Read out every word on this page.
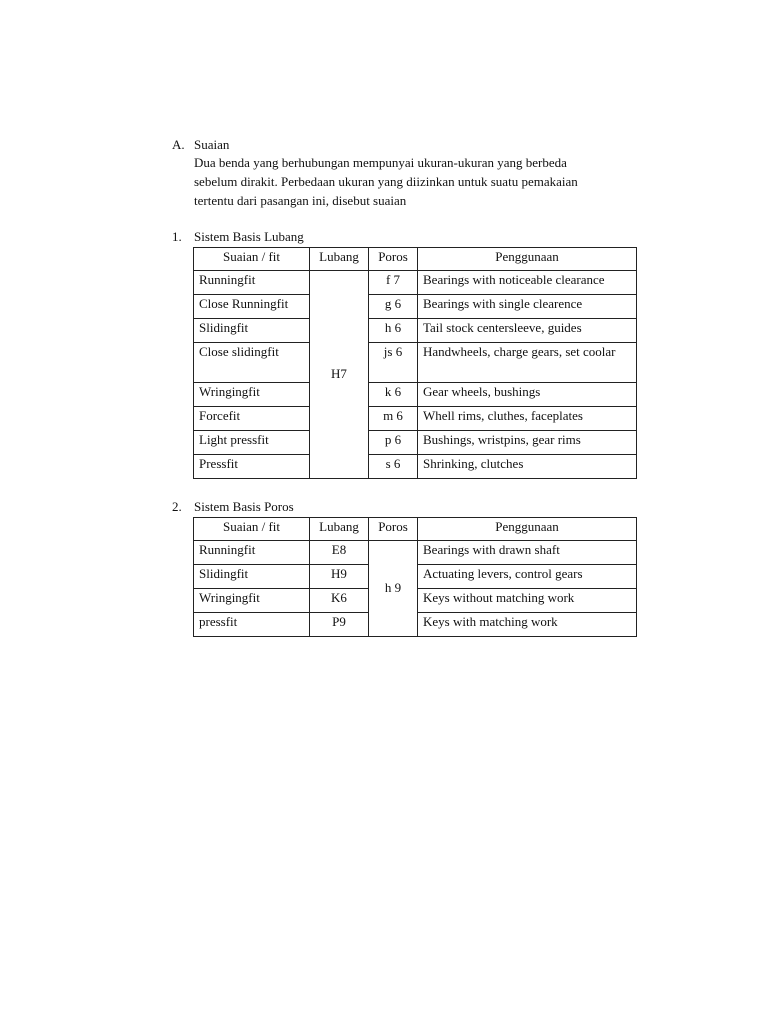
A. Suaian
Dua benda yang berhubungan mempunyai ukuran-ukuran yang berbeda
sebelum dirakit. Perbedaan ukuran yang diizinkan untuk suatu pemakaian
tertentu dari pasangan ini, disebut suaian
1. Sistem Basis Lubang
Suaian / fit	Lubang	Poros	Penggunaan
Runningfit	H7	f 7	Bearings with noticeable clearance
Close Runningfit		g 6	Bearings with single clearence
Slidingfit		h 6	Tail stock centersleeve, guides
Close slidingfit		js 6	Handwheels, charge gears, set coolar
Wringingfit		k 6	Gear wheels, bushings
Forcefit		m 6	Whell rims, cluthes, faceplates
Light pressfit		p 6	Bushings, wristpins, gear rims
Pressfit		s 6	Shrinking, clutches
2. Sistem Basis Poros
Suaian / fit	Lubang	Poros	Penggunaan
Runningfit	E8	h 9	Bearings with drawn shaft
Slidingfit	H9		Actuating levers, control gears
Wringingfit	K6		Keys without matching work
pressfit	P9		Keys with matching work
